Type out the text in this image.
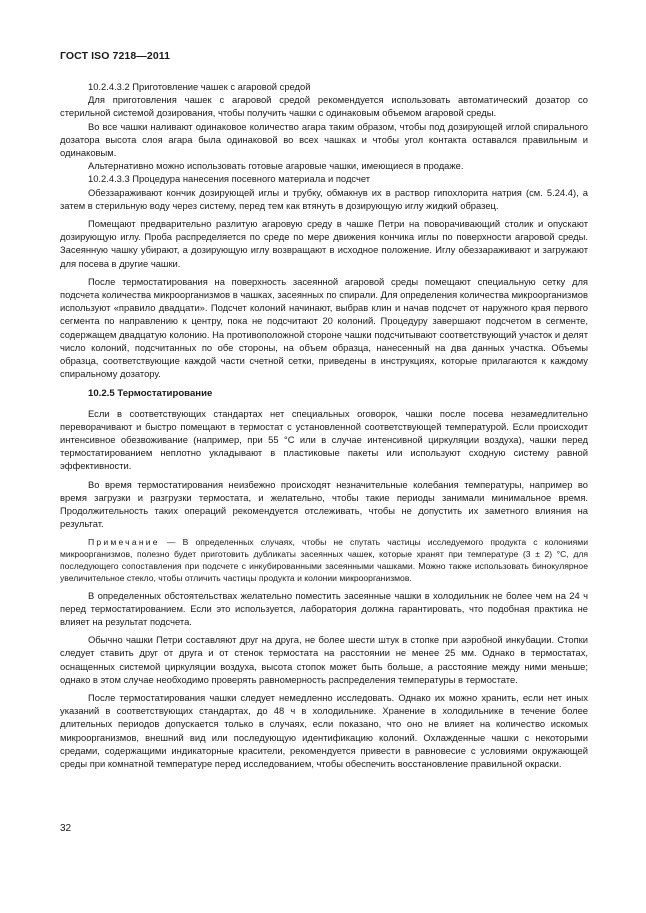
ГОСТ ISO 7218—2011

10.2.4.3.2 Приготовление чашек с агаровой средой

Для приготовления чашек с агаровой средой рекомендуется использовать автоматический дозатор со стерильной системой дозирования, чтобы получить чашки с одинаковым объемом агаровой среды.

Во все чашки наливают одинаковое количество агара таким образом, чтобы под дозирующей иглой спирального дозатора высота слоя агара была одинаковой во всех чашках и чтобы угол контакта оставался правильным и одинаковым.

Альтернативно можно использовать готовые агаровые чашки, имеющиеся в продаже.

10.2.4.3.3 Процедура нанесения посевного материала и подсчет

Обеззараживают кончик дозирующей иглы и трубку, обмакнув их в раствор гипохлорита натрия (см. 5.24.4), а затем в стерильную воду через систему, перед тем как втянуть в дозирующую иглу жидкий образец.

Помещают предварительно разлитую агаровую среду в чашке Петри на поворачивающий столик и опускают дозирующую иглу. Проба распределяется по среде по мере движения кончика иглы по поверхности агаровой среды. Засеянную чашку убирают, а дозирующую иглу возвращают в исходное положение. Иглу обеззараживают и загружают для посева в другие чашки.

После термостатирования на поверхность засеянной агаровой среды помещают специальную сетку для подсчета количества микроорганизмов в чашках, засеянных по спирали. Для определения количества микроорганизмов используют «правило двадцати». Подсчет колоний начинают, выбрав клин и начав подсчет от наружного края первого сегмента по направлению к центру, пока не подсчитают 20 колоний. Процедуру завершают подсчетом в сегменте, содержащем двадцатую колонию. На противоположной стороне чашки подсчитывают соответствующий участок и делят число колоний, подсчитанных по обе стороны, на объем образца, нанесенный на два данных участка. Объемы образца, соответствующие каждой части счетной сетки, приведены в инструкциях, которые прилагаются к каждому спиральному дозатору.

10.2.5 Термостатирование

Если в соответствующих стандартах нет специальных оговорок, чашки после посева незамедлительно переворачивают и быстро помещают в термостат с установленной соответствующей температурой. Если происходит интенсивное обезвоживание (например, при 55 °С или в случае интенсивной циркуляции воздуха), чашки перед термостатированием неплотно укладывают в пластиковые пакеты или используют сходную систему равной эффективности.

Во время термостатирования неизбежно происходят незначительные колебания температуры, например во время загрузки и разгрузки термостата, и желательно, чтобы такие периоды занимали минимальное время. Продолжительность таких операций рекомендуется отслеживать, чтобы не допустить их заметного влияния на результат.

Примечание — В определенных случаях, чтобы не спутать частицы исследуемого продукта с колониями микроорганизмов, полезно будет приготовить дубликаты засеянных чашек, которые хранят при температуре (3 ± 2) °С, для последующего сопоставления при подсчете с инкубированными засеянными чашками. Можно также использовать бинокулярное увеличительное стекло, чтобы отличить частицы продукта и колонии микроорганизмов.

В определенных обстоятельствах желательно поместить засеянные чашки в холодильник не более чем на 24 ч перед термостатированием. Если это используется, лаборатория должна гарантировать, что подобная практика не влияет на результат подсчета.

Обычно чашки Петри составляют друг на друга, не более шести штук в стопке при аэробной инкубации. Стопки следует ставить друг от друга и от стенок термостата на расстоянии не менее 25 мм. Однако в термостатах, оснащенных системой циркуляции воздуха, высота стопок может быть больше, а расстояние между ними меньше; однако в этом случае необходимо проверять равномерность распределения температуры в термостате.

После термостатирования чашки следует немедленно исследовать. Однако их можно хранить, если нет иных указаний в соответствующих стандартах, до 48 ч в холодильнике. Хранение в холодильнике в течение более длительных периодов допускается только в случаях, если показано, что оно не влияет на количество искомых микроорганизмов, внешний вид или последующую идентификацию колоний. Охлажденные чашки с некоторыми средами, содержащими индикаторные красители, рекомендуется привести в равновесие с условиями окружающей среды при комнатной температуре перед исследованием, чтобы обеспечить восстановление правильной окраски.

32
